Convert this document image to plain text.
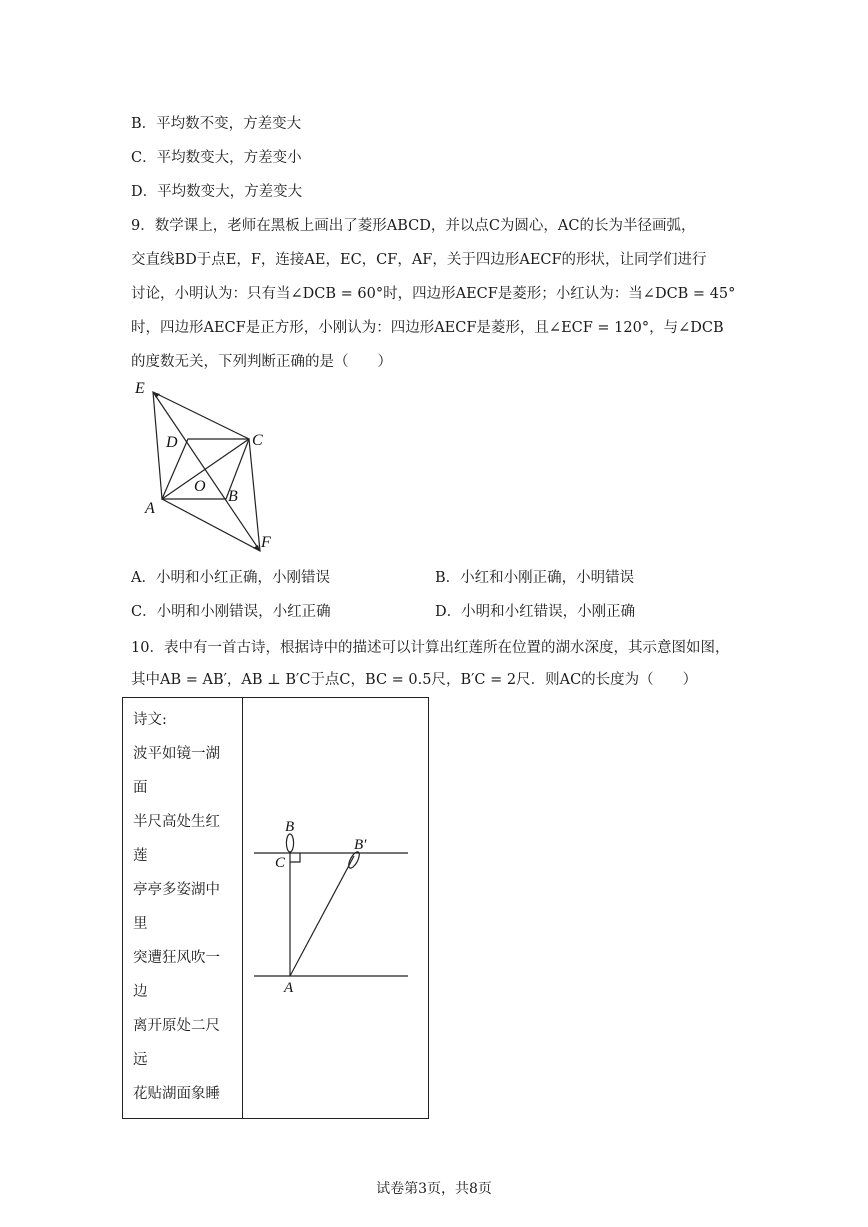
B．平均数不变，方差变大
C．平均数变大，方差变小
D．平均数变大，方差变大
9．数学课上，老师在黑板上画出了菱形ABCD，并以点C为圆心，AC的长为半径画弧，
交直线BD于点E，F，连接AE，EC，CF，AF，关于四边形AECF的形状，让同学们进行
讨论，小明认为：只有当∠DCB = 60°时，四边形AECF是菱形；小红认为：当∠DCB = 45°
时，四边形AECF是正方形，小刚认为：四边形AECF是菱形，且∠ECF = 120°，与∠DCB
的度数无关，下列判断正确的是（　　）
E
D	C
O
B
A
F
A．小明和小红正确，小刚错误	B．小红和小刚正确，小明错误
C．小明和小刚错误，小红正确	D．小明和小红错误，小刚正确
10．表中有一首古诗，根据诗中的描述可以计算出红莲所在位置的湖水深度，其示意图如图，
其中AB = AB′，AB ⊥ B′C于点C，BC = 0.5尺，B′C = 2尺．则AC的长度为（　　）
诗文:
波平如镜一湖
面
半尺高处生红
莲
亭亭多姿湖中
里
突遭狂风吹一
边
离开原处二尺
远
花贴湖面象睡
B
B′
C
A
试卷第3页，共8页
